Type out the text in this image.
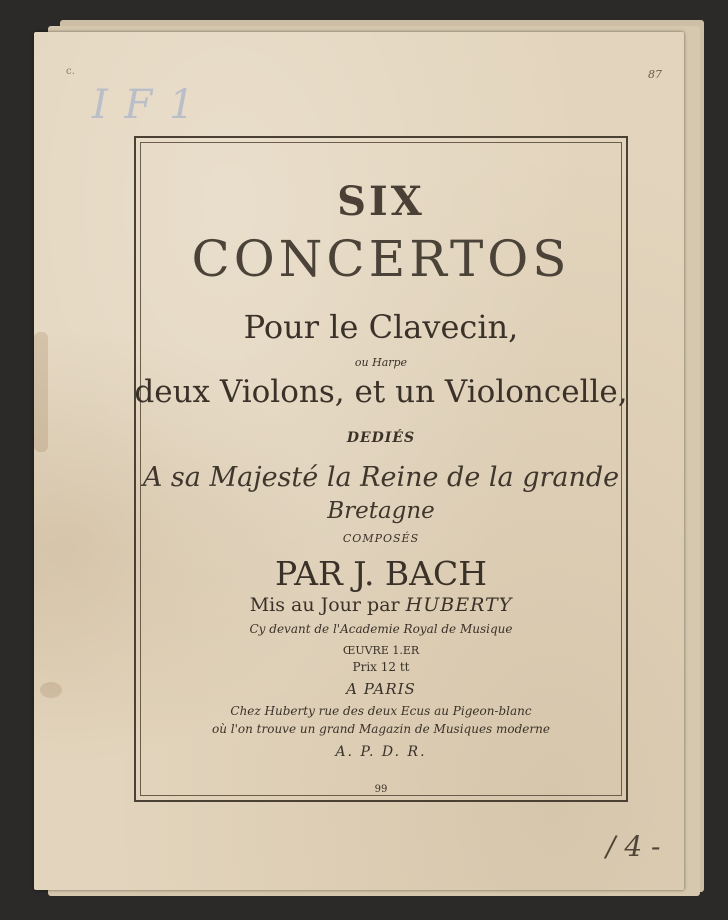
I F 1
87
c.
/ 4 -
SIX
CONCERTOS
Pour le Clavecin,
ou Harpe
deux Violons, et un Violoncelle,
DEDIÉS
A sa Majesté la Reine de la grande
Bretagne
COMPOSÉS
PAR J. BACH
Mis au Jour par HUBERTY
Cy devant de l'Academie Royal de Musique
ŒUVRE 1.ER
Prix 12 tt
A PARIS
Chez Huberty rue des deux Ecus au Pigeon-blanc
où l'on trouve un grand Magazin de Musiques moderne
A. P. D. R.
99
